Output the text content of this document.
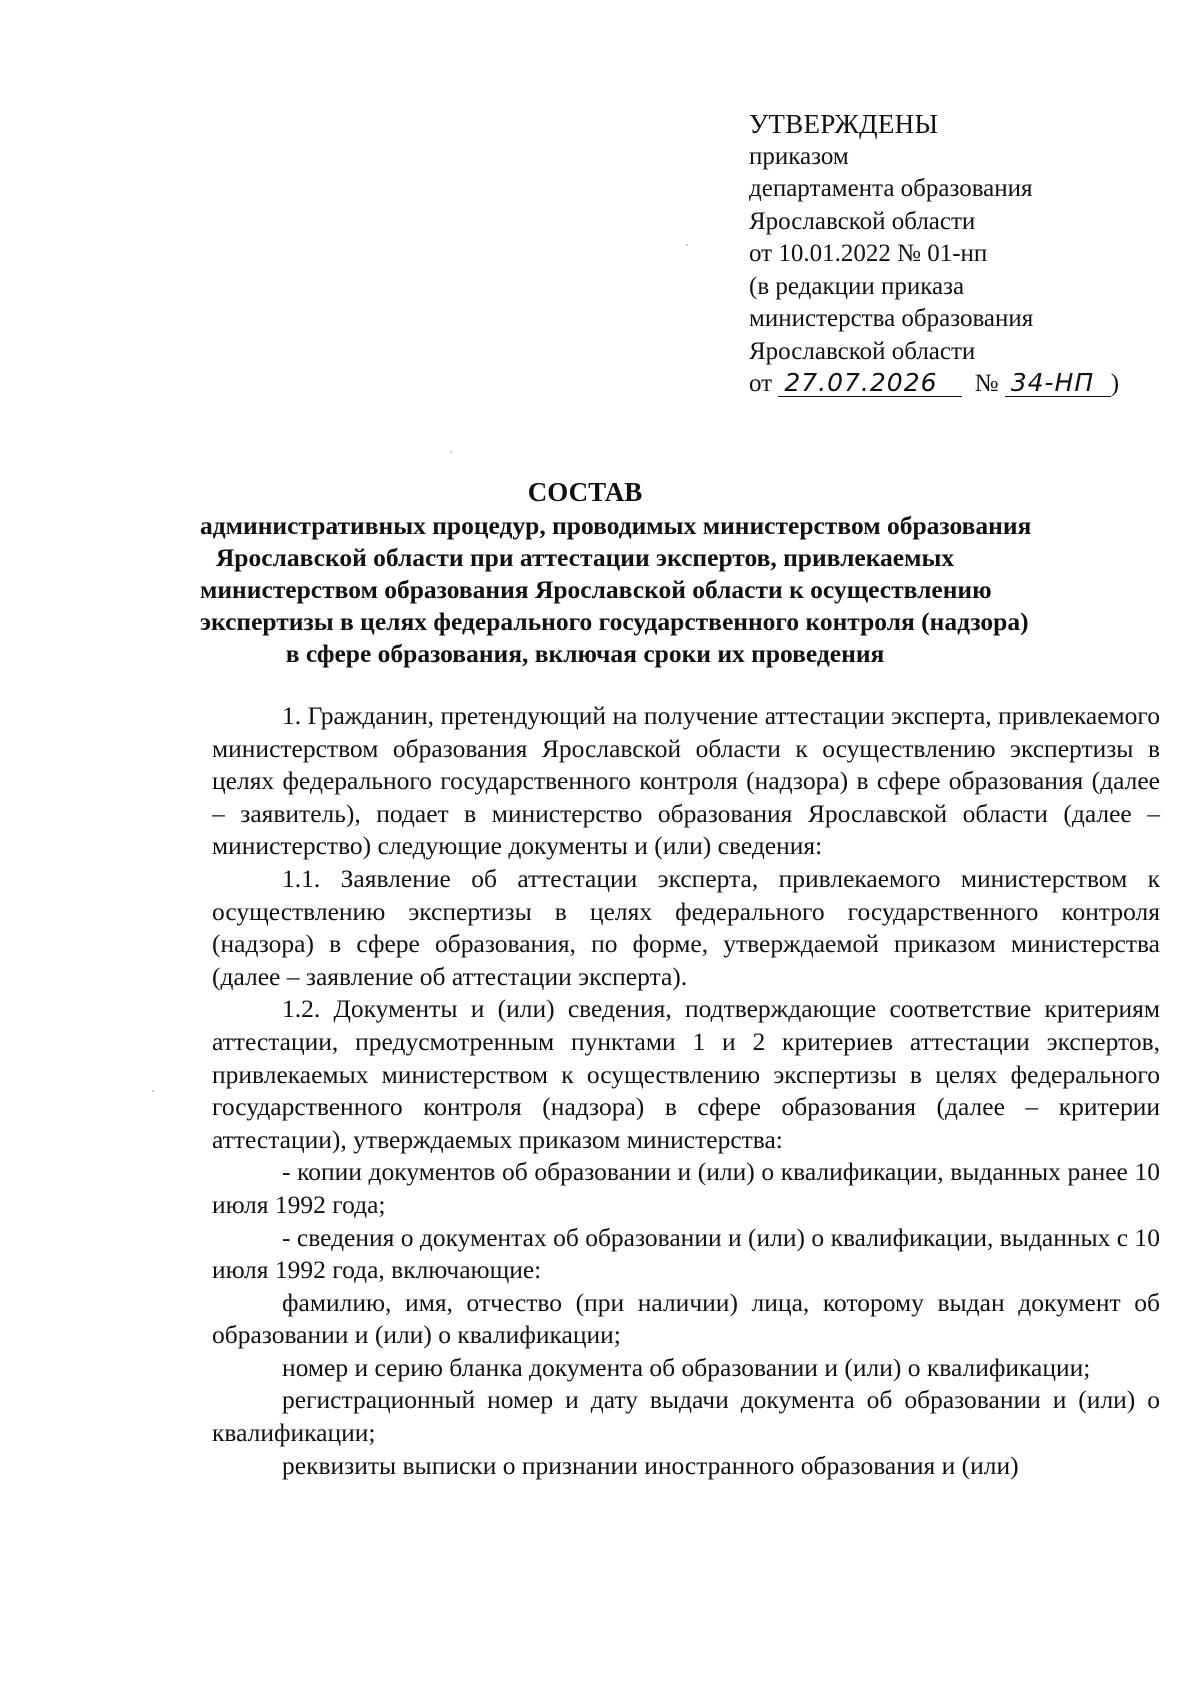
УТВЕРЖДЕНЫ
приказом
департамента образования
Ярославской области
от 10.01.2022 № 01-нп
(в редакции приказа
министерства образования
Ярославской области
от 27.07.2026 № 34-НП )
СОСТАВ
административных процедур, проводимых министерством образования
Ярославской области при аттестации экспертов, привлекаемых
министерством образования Ярославской области к осуществлению
экспертизы в целях федерального государственного контроля (надзора)
в сфере образования, включая сроки их проведения

1. Гражданин, претендующий на получение аттестации эксперта, привлекаемого министерством образования Ярославской области к осуществлению экспертизы в целях федерального государственного контроля (надзора) в сфере образования (далее – заявитель), подает в министерство образования Ярославской области (далее – министерство) следующие документы и (или) сведения:

1.1. Заявление об аттестации эксперта, привлекаемого министерством к осуществлению экспертизы в целях федерального государственного контроля (надзора) в сфере образования, по форме, утверждаемой приказом министерства (далее – заявление об аттестации эксперта).

1.2. Документы и (или) сведения, подтверждающие соответствие критериям аттестации, предусмотренным пунктами 1 и 2 критериев аттестации экспертов, привлекаемых министерством к осуществлению экспертизы в целях федерального государственного контроля (надзора) в сфере образования (далее – критерии аттестации), утверждаемых приказом министерства:

- копии документов об образовании и (или) о квалификации, выданных ранее 10 июля 1992 года;

- сведения о документах об образовании и (или) о квалификации, выданных с 10 июля 1992 года, включающие:

фамилию, имя, отчество (при наличии) лица, которому выдан документ об образовании и (или) о квалификации;

номер и серию бланка документа об образовании и (или) о квалификации;

регистрационный номер и дату выдачи документа об образовании и (или) о квалификации;

реквизиты выписки о признании иностранного образования и (или)
